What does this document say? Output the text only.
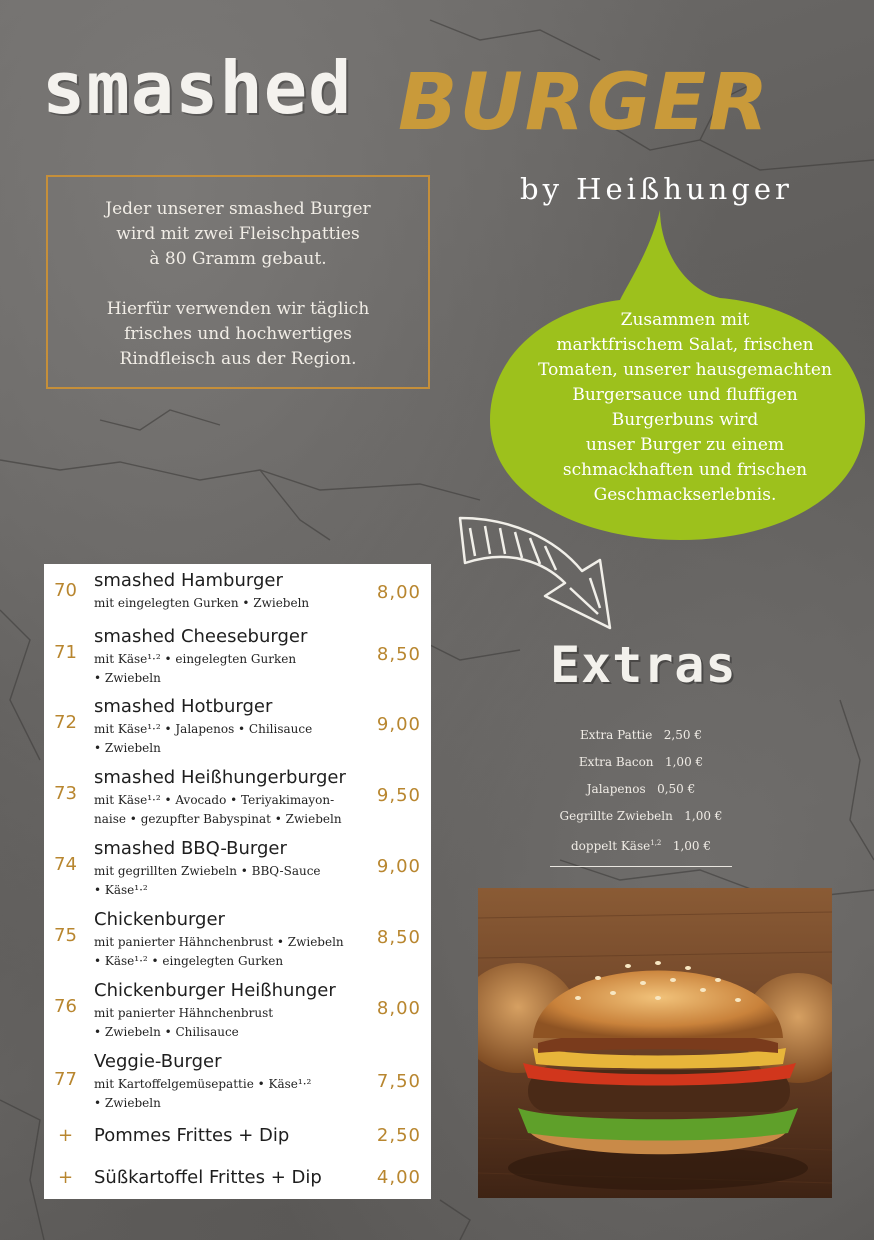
smashed BURGER
by Heißhunger

Jeder unserer smashed Burger
wird mit zwei Fleischpatties
à 80 Gramm gebaut.

Hierfür verwenden wir täglich
frisches und hochwertiges
Rindfleisch aus der Region.

Zusammen mit
marktfrischem Salat, frischen
Tomaten, unserer hausgemachten
Burgersauce und fluffigen
Burgerbuns wird
unser Burger zu einem
schmackhaften und frischen
Geschmackserlebnis.
Extras
Extra Pattie 2,50 €
Extra Bacon 1,00 €
Jalapenos 0,50 €
Gegrillte Zwiebeln 1,00 €
doppelt Käse$^{1,2}$ 1,00 €
70 smashed Hamburger
mit eingelegten Gurken • Zwiebeln	8,00
71
smashed Cheeseburger
mit Käse¹·² • eingelegten Gurken
• Zwiebeln
8,50
72
smashed Hotburger
mit Käse¹·² • Jalapenos • Chilisauce
• Zwiebeln
9,00
73
smashed Heißhungerburger
mit Käse¹·² • Avocado • Teriyakimayon-
naise • gezupfter Babyspinat • Zwiebeln
9,50
74
smashed BBQ-Burger
mit gegrillten Zwiebeln • BBQ-Sauce
• Käse¹·²
9,00
75
Chickenburger
mit panierter Hähnchenbrust • Zwiebeln
• Käse¹·² • eingelegten Gurken
8,50
76
Chickenburger Heißhunger
mit panierter Hähnchenbrust
• Zwiebeln • Chilisauce
8,00
77
Veggie-Burger
mit Kartoffelgemüsepattie • Käse¹·²
• Zwiebeln
7,50
+ Pommes Frittes + Dip	2,50
+ Süßkartoffel Frittes + Dip	4,00
